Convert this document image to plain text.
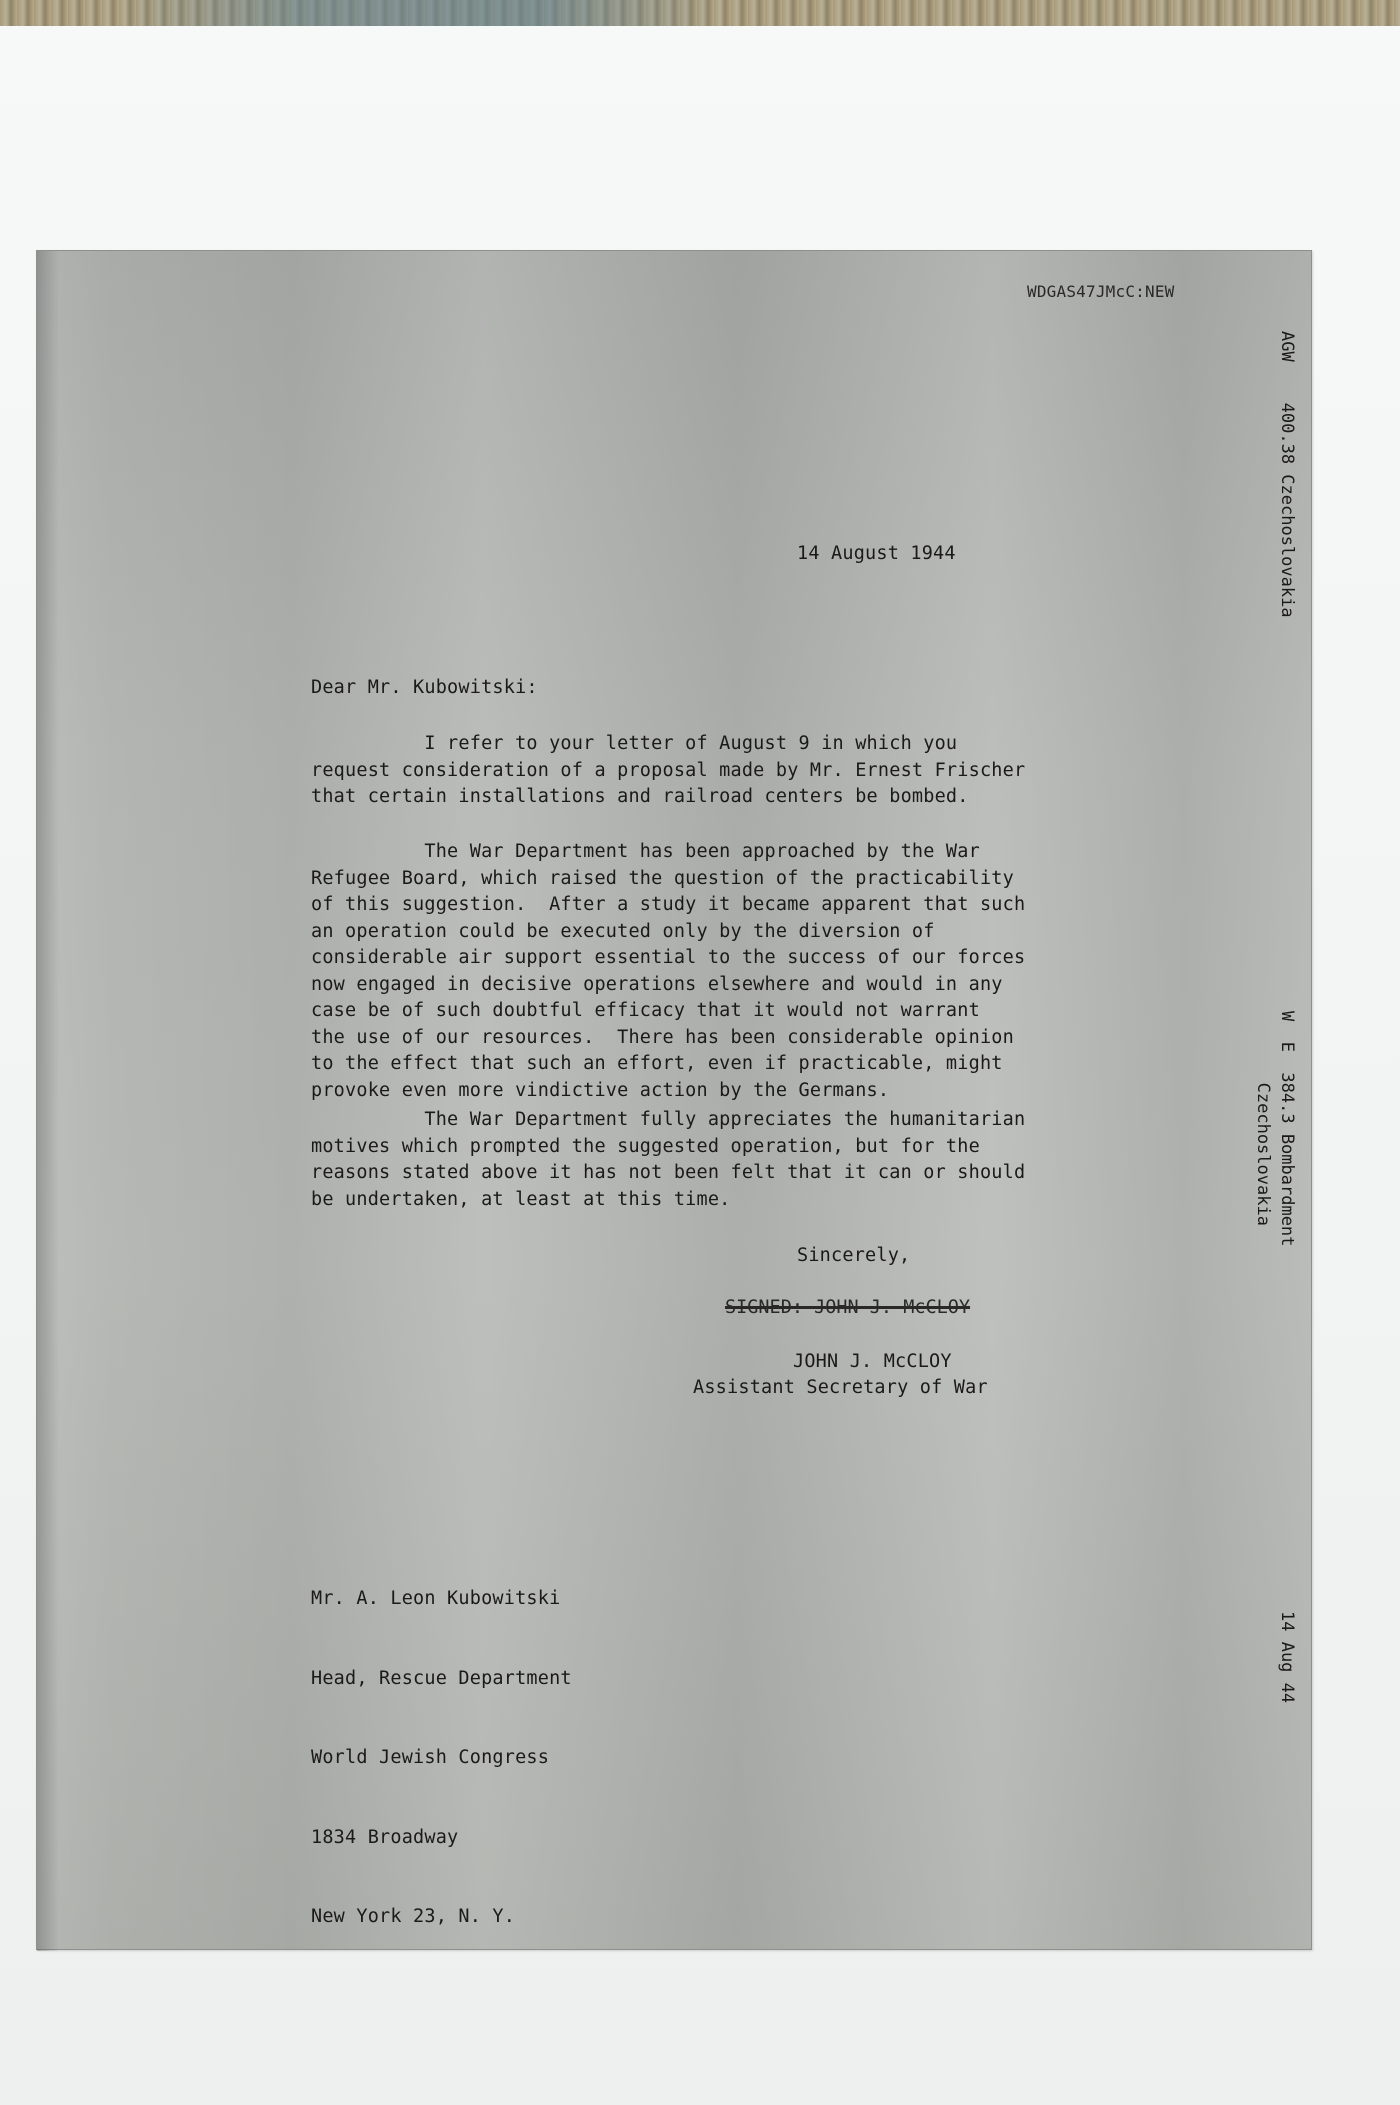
WDGAS47JMcC:NEW
14 August 1944
Dear Mr. Kubowitski:

I refer to your letter of August 9 in which you

request consideration of a proposal made by Mr. Ernest Frischer

that certain installations and railroad centers be bombed.

The War Department has been approached by the War

Refugee Board, which raised the question of the practicability

of this suggestion.  After a study it became apparent that such

an operation could be executed only by the diversion of

considerable air support essential to the success of our forces

now engaged in decisive operations elsewhere and would in any

case be of such doubtful efficacy that it would not warrant

the use of our resources.  There has been considerable opinion

to the effect that such an effort, even if practicable, might

provoke even more vindictive action by the Germans.

The War Department fully appreciates the humanitarian

motives which prompted the suggested operation, but for the

reasons stated above it has not been felt that it can or should

be undertaken, at least at this time.

Sincerely,
SIGNED: JOHN J. McCLOY
JOHN J. McCLOY
Assistant Secretary of War

Mr. A. Leon Kubowitski

Head, Rescue Department

World Jewish Congress

1834 Broadway

New York 23, N. Y.

AGW    400.38 Czechoslovakia
W  E  384.3 Bombardment
Czechoslovakia
14 Aug 44
